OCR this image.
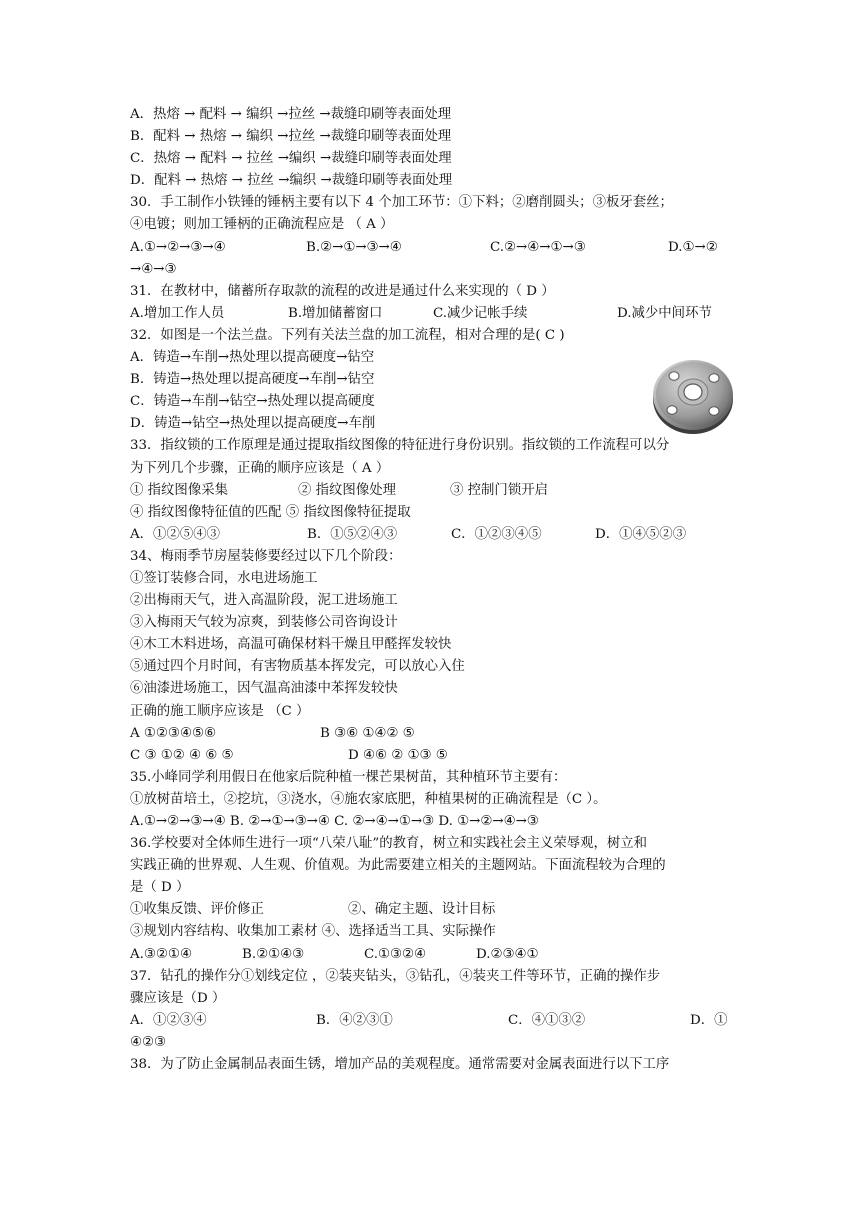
A．热熔 → 配料 → 编织 →拉丝 →裁缝印刷等表面处理
B．配料 → 热熔 → 编织 →拉丝 →裁缝印刷等表面处理
C．热熔 → 配料 → 拉丝 →编织 →裁缝印刷等表面处理
D．配料 → 热熔 → 拉丝 →编织 →裁缝印刷等表面处理
30．手工制作小铁锤的锤柄主要有以下 4 个加工环节：①下料；②磨削圆头；③板牙套丝；
④电镀；则加工锤柄的正确流程应是 （ A ）
A.①→②→③→④	B.②→①→③→④	C.②→④→①→③	D.①→②
→④→③
31．在教材中，储蓄所存取款的流程的改进是通过什么来实现的（ D ）
A.增加工作人员	B.增加储蓄窗口	C.减少记帐手续	D.减少中间环节
32．如图是一个法兰盘。下列有关法兰盘的加工流程，相对合理的是( C )
A．铸造→车削→热处理以提高硬度→钻空
B．铸造→热处理以提高硬度→车削→钻空
C．铸造→车削→钻空→热处理以提高硬度
D．铸造→钻空→热处理以提高硬度→车削
33．指纹锁的工作原理是通过提取指纹图像的特征进行身份识别。指纹锁的工作流程可以分
为下列几个步骤，正确的顺序应该是（ A ）
① 指纹图像采集	② 指纹图像处理	③ 控制门锁开启
④ 指纹图像特征值的匹配 ⑤ 指纹图像特征提取
A．①②⑤④③	B．①⑤②④③	C．①②③④⑤	D．①④⑤②③
34、梅雨季节房屋装修要经过以下几个阶段：
①签订装修合同，水电进场施工
②出梅雨天气，进入高温阶段，泥工进场施工
③入梅雨天气较为凉爽，到装修公司咨询设计
④木工木料进场，高温可确保材料干燥且甲醛挥发较快
⑤通过四个月时间，有害物质基本挥发完，可以放心入住
⑥油漆进场施工，因气温高油漆中苯挥发较快
正确的施工顺序应该是 （C ）
A ①②③④⑤⑥	B ③⑥ ①④② ⑤
C ③ ①② ④ ⑥ ⑤	D ④⑥ ② ①③ ⑤
35.小峰同学利用假日在他家后院种植一棵芒果树苗，其种植环节主要有：
①放树苗培土，②挖坑，③浇水，④施农家底肥，种植果树的正确流程是（C ）。
A.①→②→③→④ B. ②→①→③→④ C. ②→④→①→③ D. ①→②→④→③
36.学校要对全体师生进行一项“八荣八耻”的教育，树立和实践社会主义荣辱观，树立和
实践正确的世界观、人生观、价值观。为此需要建立相关的主题网站。下面流程较为合理的
是（ D ）
①收集反馈、评价修正	②、确定主题、设计目标
③规划内容结构、收集加工素材 ④、选择适当工具、实际操作
A.③②①④	B.②①④③	C.①③②④	D.②③④①
37．钻孔的操作分①划线定位 ，②装夹钻头，③钻孔，④装夹工件等环节，正确的操作步
骤应该是（D ）
A．①②③④	B．④②③①	C．④①③②	D．①
④②③
38．为了防止金属制品表面生锈，增加产品的美观程度。通常需要对金属表面进行以下工序
